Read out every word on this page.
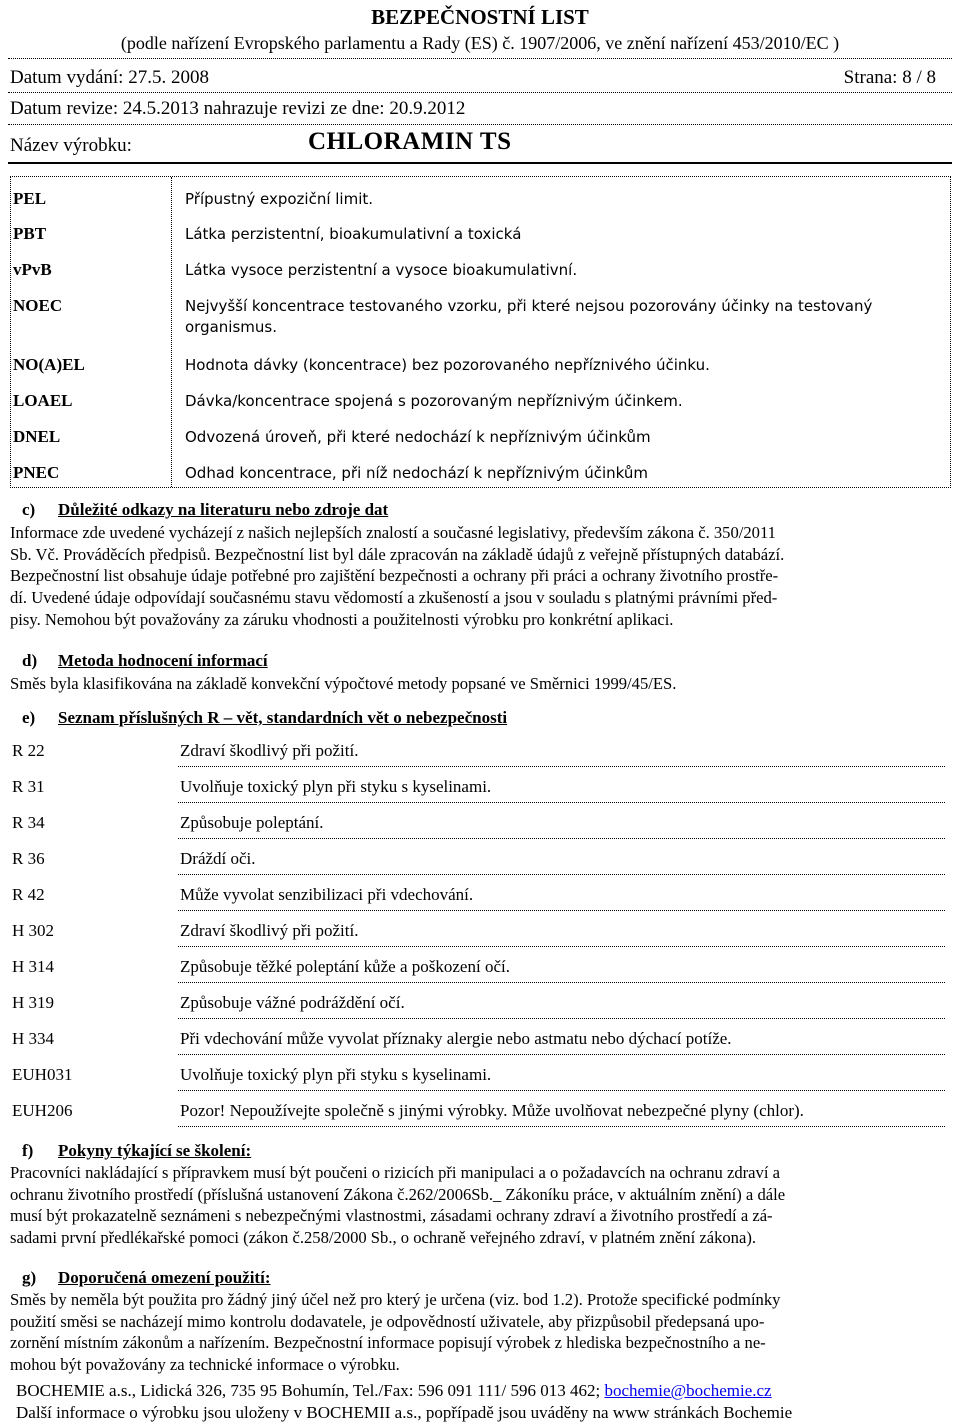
BEZPEČNOSTNÍ LIST
(podle nařízení Evropského parlamentu a Rady (ES) č. 1907/2006, ve znění nařízení 453/2010/EC )
Datum vydání: 27.5. 2008	Strana: 8 / 8
Datum revize: 24.5.2013 nahrazuje revizi ze dne: 20.9.2012
Název výrobku:	CHLORAMIN TS
PEL	Přípustný expoziční limit.
PBT	Látka perzistentní, bioakumulativní a toxická
vPvB	Látka vysoce perzistentní a vysoce bioakumulativní.
NOEC	Nejvyšší koncentrace testovaného vzorku, při které nejsou pozorovány účinky na testovaný organismus.
NO(A)EL	Hodnota dávky (koncentrace) bez pozorovaného nepříznivého účinku.
LOAEL	Dávka/koncentrace spojená s pozorovaným nepříznivým účinkem.
DNEL	Odvozená úroveň, při které nedochází k nepříznivým účinkům
PNEC	Odhad koncentrace, při níž nedochází k nepříznivým účinkům
c) Důležité odkazy na literaturu nebo zdroje dat
Informace zde uvedené vycházejí z našich nejlepších znalostí a současné legislativy, především zákona č. 350/2011
Sb. Vč. Prováděcích předpisů. Bezpečnostní list byl dále zpracován na základě údajů z veřejně přístupných databází.
Bezpečnostní list obsahuje údaje potřebné pro zajištění bezpečnosti a ochrany při práci a ochrany životního prostře-
dí. Uvedené údaje odpovídají současnému stavu vědomostí a zkušeností a jsou v souladu s platnými právními před-
pisy. Nemohou být považovány za záruku vhodnosti a použitelnosti výrobku pro konkrétní aplikaci.
d) Metoda hodnocení informací
Směs byla klasifikována na základě konvekční výpočtové metody popsané ve Směrnici 1999/45/ES.
e) Seznam příslušných R – vět, standardních vět o nebezpečnosti
R 22	Zdraví škodlivý při požití.
R 31	Uvolňuje toxický plyn při styku s kyselinami.
R 34	Způsobuje poleptání.
R 36	Dráždí oči.
R 42	Může vyvolat senzibilizaci při vdechování.
H 302	Zdraví škodlivý při požití.
H 314	Způsobuje těžké poleptání kůže a poškození očí.
H 319	Způsobuje vážné podráždění očí.
H 334	Při vdechování může vyvolat příznaky alergie nebo astmatu nebo dýchací potíže.
EUH031	Uvolňuje toxický plyn při styku s kyselinami.
EUH206	Pozor! Nepoužívejte společně s jinými výrobky. Může uvolňovat nebezpečné plyny (chlor).
f) Pokyny týkající se školení:
Pracovníci nakládající s přípravkem musí být poučeni o rizicích při manipulaci a o požadavcích na ochranu zdraví a
ochranu životního prostředí (příslušná ustanovení Zákona č.262/2006Sb._ Zákoníku práce, v aktuálním znění) a dále
musí být prokazatelně seznámeni s nebezpečnými vlastnostmi, zásadami ochrany zdraví a životního prostředí a zá-
sadami první předlékařské pomoci (zákon č.258/2000 Sb., o ochraně veřejného zdraví, v platném znění zákona).
g) Doporučená omezení použití:
Směs by neměla být použita pro žádný jiný účel než pro který je určena (viz. bod 1.2). Protože specifické podmínky
použití směsi se nacházejí mimo kontrolu dodavatele, je odpovědností uživatele, aby přizpůsobil předepsaná upo-
zornění místním zákonům a nařízením. Bezpečnostní informace popisují výrobek z hlediska bezpečnostního a ne-
mohou být považovány za technické informace o výrobku.
BOCHEMIE a.s., Lidická 326, 735 95 Bohumín, Tel./Fax: 596 091 111/ 596 013 462; bochemie@bochemie.cz
Další informace o výrobku jsou uloženy v BOCHEMII a.s., popřípadě jsou uváděny na www stránkách Bochemie
